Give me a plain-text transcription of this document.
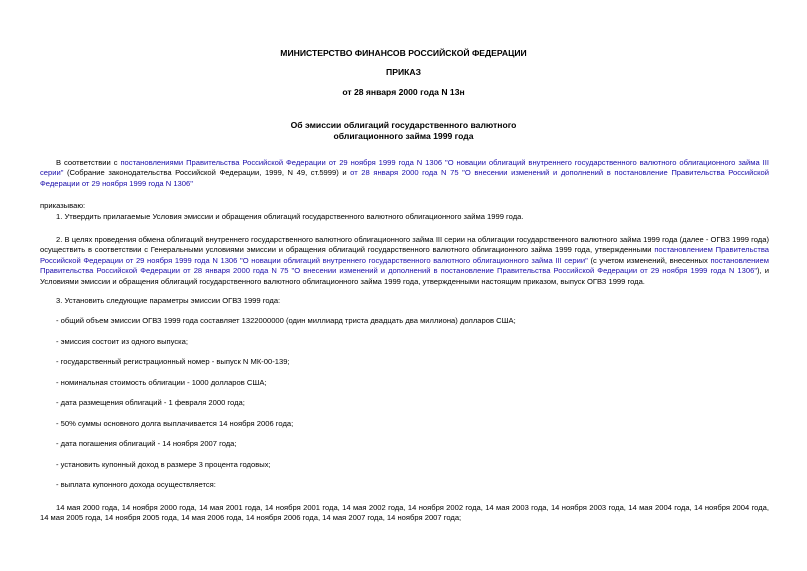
МИНИСТЕРСТВО ФИНАНСОВ РОССИЙСКОЙ ФЕДЕРАЦИИ
ПРИКАЗ
от 28 января 2000 года N 13н
Об эмиссии облигаций государственного валютного
облигационного займа 1999 года
В соответствии с постановлениями Правительства Российской Федерации от 29 ноября 1999 года N 1306 "О новации облигаций внутреннего государственного валютного облигационного займа III серии" (Собрание законодательства Российской Федерации, 1999, N 49, ст.5999) и от 28 января 2000 года N 75 "О внесении изменений и дополнений в постановление Правительства Российской Федерации от 29 ноября 1999 года N 1306"
приказываю:
1. Утвердить прилагаемые Условия эмиссии и обращения облигаций государственного валютного облигационного займа 1999 года.
2. В целях проведения обмена облигаций внутреннего государственного валютного облигационного займа III серии на облигации государственного валютного займа 1999 года (далее - ОГВЗ 1999 года) осуществить в соответствии с Генеральными условиями эмиссии и обращения облигаций государственного валютного облигационного займа 1999 года, утвержденными постановлением Правительства Российской Федерации от 29 ноября 1999 года N 1306 "О новации облигаций внутреннего государственного валютного облигационного займа III серии" (с учетом изменений, внесенных постановлением Правительства Российской Федерации от 28 января 2000 года N 75 "О внесении изменений и дополнений в постановление Правительства Российской Федерации от 29 ноября 1999 года N 1306"), и Условиями эмиссии и обращения облигаций государственного валютного облигационного займа 1999 года, утвержденными настоящим приказом, выпуск ОГВЗ 1999 года.
3. Установить следующие параметры эмиссии ОГВЗ 1999 года:
- общий объем эмиссии ОГВЗ 1999 года составляет 1322000000 (один миллиард триста двадцать два миллиона) долларов США;
- эмиссия состоит из одного выпуска;
- государственный регистрационный номер - выпуск N МК-00-139;
- номинальная стоимость облигации - 1000 долларов США;
- дата размещения облигаций - 1 февраля 2000 года;
- 50% суммы основного долга выплачивается 14 ноября 2006 года;
- дата погашения облигаций - 14 ноября 2007 года;
- установить купонный доход в размере 3 процента годовых;
- выплата купонного дохода осуществляется:
14 мая 2000 года, 14 ноября 2000 года, 14 мая 2001 года, 14 ноября 2001 года, 14 мая 2002 года, 14 ноября 2002 года, 14 мая 2003 года, 14 ноября 2003 года, 14 мая 2004 года, 14 ноября 2004 года, 14 мая 2005 года, 14 ноября 2005 года, 14 мая 2006 года, 14 ноября 2006 года, 14 мая 2007 года, 14 ноября 2007 года;
